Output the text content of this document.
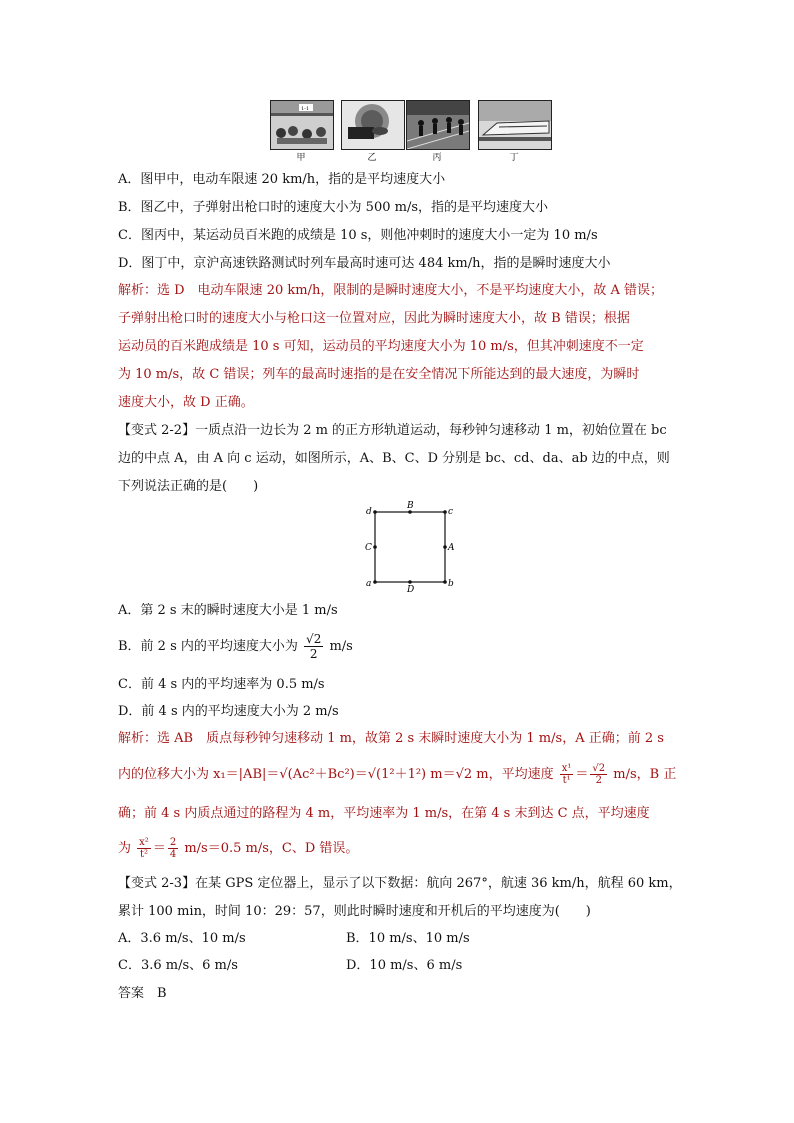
1-1
甲	乙	丙	丁
A．图甲中，电动车限速 20 km/h，指的是平均速度大小
B．图乙中，子弹射出枪口时的速度大小为 500 m/s，指的是平均速度大小
C．图丙中，某运动员百米跑的成绩是 10 s，则他冲刺时的速度大小一定为 10 m/s
D．图丁中，京沪高速铁路测试时列车最高时速可达 484 km/h，指的是瞬时速度大小
解析：选 D　电动车限速 20 km/h，限制的是瞬时速度大小，不是平均速度大小，故 A 错误；
子弹射出枪口时的速度大小与枪口这一位置对应，因此为瞬时速度大小，故 B 错误；根据
运动员的百米跑成绩是 10 s 可知，运动员的平均速度大小为 10 m/s，但其冲刺速度不一定
为 10 m/s，故 C 错误；列车的最高时速指的是在安全情况下所能达到的最大速度，为瞬时
速度大小，故 D 正确。
【变式 2-2】一质点沿一边长为 2 m 的正方形轨道运动，每秒钟匀速移动 1 m，初始位置在 bc
边的中点 A，由 A 向 c 运动，如图所示，A、B、C、D 分别是 bc、cd、da、ab 边的中点，则
下列说法正确的是(　　)
d
B
c
C	A
a
D
b
A．第 2 s 末的瞬时速度大小是 1 m/s
B．前 2 s 内的平均速度大小为 $\frac{√2}{2} m/s$
C．前 4 s 内的平均速率为 0.5 m/s
D．前 4 s 内的平均速度大小为 2 m/s
解析：选 AB　质点每秒钟匀速移动 1 m，故第 2 s 末瞬时速度大小为 1 m/s，A 正确；前 2 s
内的位移大小为 x₁＝|AB|＝√(Ac²＋Bc²)＝√(1²＋1²) m＝√2 m，平均速度 $\frac{\text{x¹}}{\text{t¹}} = \frac{√2}{2} m/s$，B 正
确；前 4 s 内质点通过的路程为 4 m，平均速率为 1 m/s，在第 4 s 末到达 C 点，平均速度
为 $\frac{\text{x²}}{\text{t²}} = \frac{2}{4} m/s=0.5$ m/s，C、D 错误。
【变式 2-3】在某 GPS 定位器上，显示了以下数据：航向 267°，航速 36 km/h，航程 60 km，
累计 100 min，时间 10：29：57，则此时瞬时速度和开机后的平均速度为(　　)
A．3.6 m/s、10 m/s	B．10 m/s、10 m/s
C．3.6 m/s、6 m/s	D．10 m/s、6 m/s
答案　B
